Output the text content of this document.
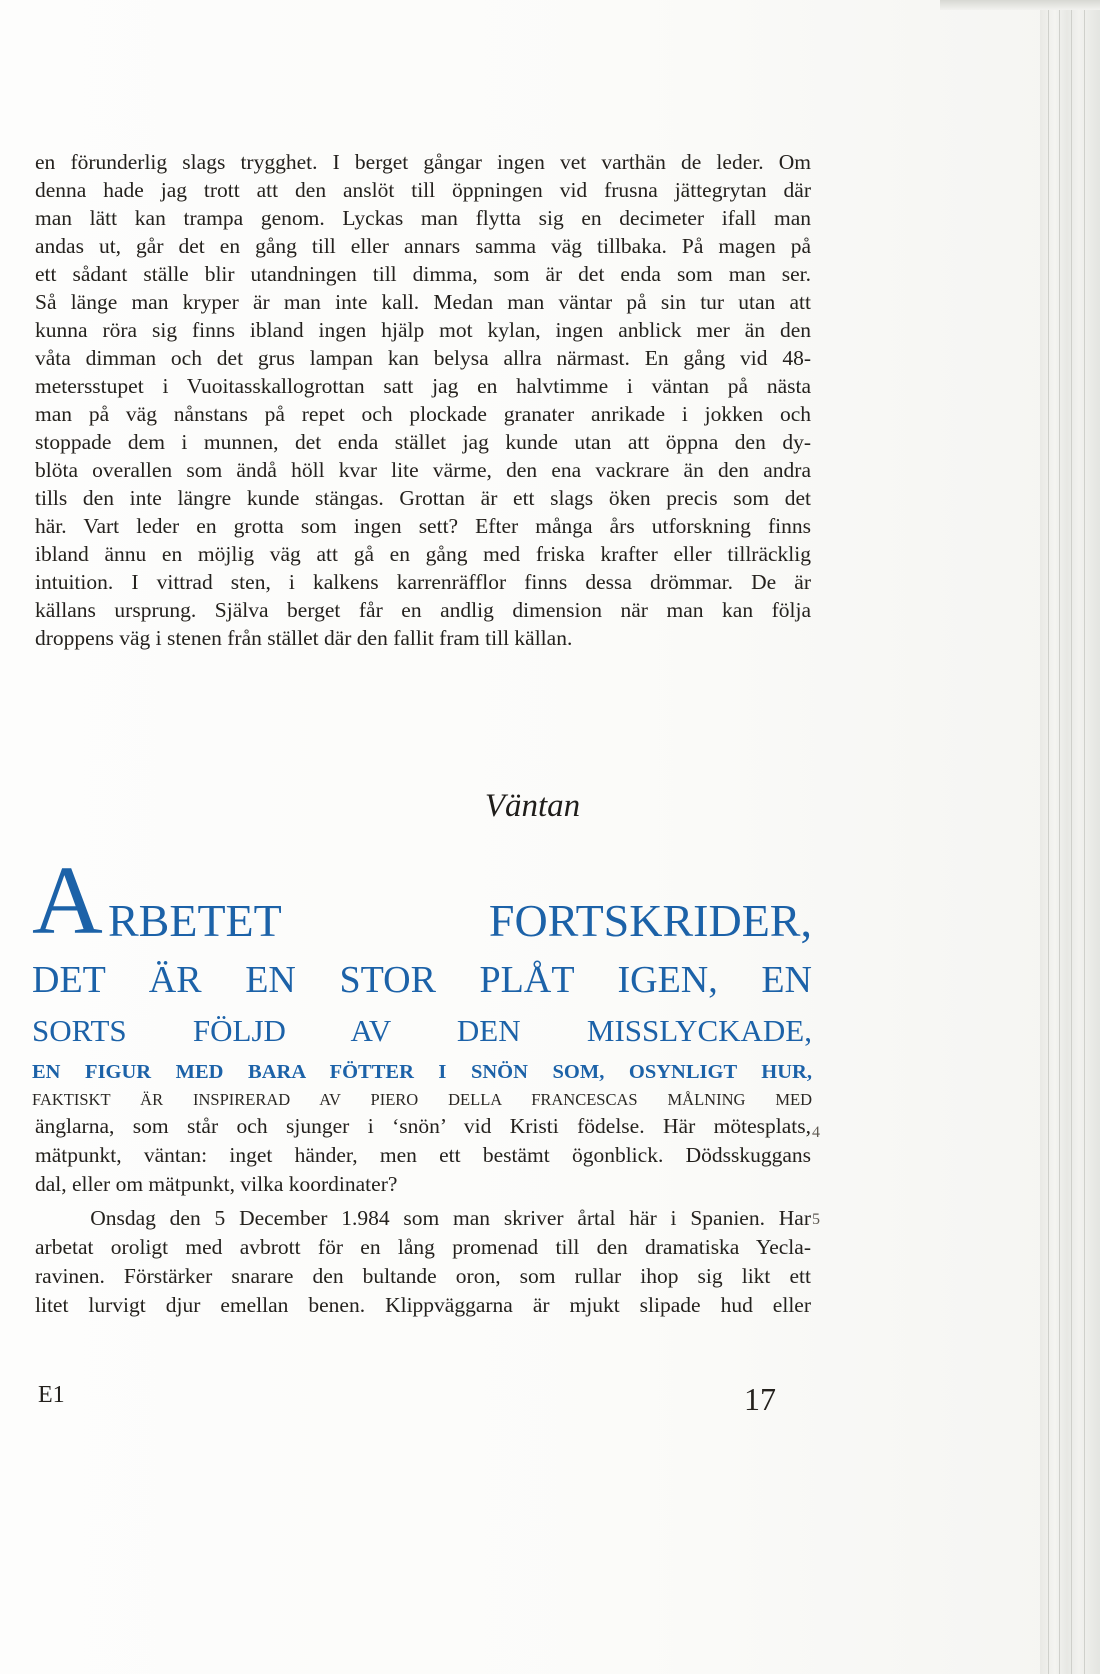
en förunderlig slags trygghet. I berget gångar ingen vet varthän de leder. Om
denna hade jag trott att den anslöt till öppningen vid frusna jättegrytan där
man lätt kan trampa genom. Lyckas man flytta sig en decimeter ifall man
andas ut, går det en gång till eller annars samma väg tillbaka. På magen på
ett sådant ställe blir utandningen till dimma, som är det enda som man ser.
Så länge man kryper är man inte kall. Medan man väntar på sin tur utan att
kunna röra sig finns ibland ingen hjälp mot kylan, ingen anblick mer än den
våta dimman och det grus lampan kan belysa allra närmast. En gång vid 48-
metersstupet i Vuoitasskallogrottan satt jag en halvtimme i väntan på nästa
man på väg nånstans på repet och plockade granater anrikade i jokken och
stoppade dem i munnen, det enda stället jag kunde utan att öppna den dy-
blöta overallen som ändå höll kvar lite värme, den ena vackrare än den andra
tills den inte längre kunde stängas. Grottan är ett slags öken precis som det
här. Vart leder en grotta som ingen sett? Efter många års utforskning finns
ibland ännu en möjlig väg att gå en gång med friska krafter eller tillräcklig
intuition. I vittrad sten, i kalkens karrenräfflor finns dessa drömmar. De är
källans ursprung. Själva berget får en andlig dimension när man kan följa
droppens väg i stenen från stället där den fallit fram till källan.
Väntan
A RBETET FORTSKRIDER,
DET ÄR EN STOR PLÅT IGEN, EN
SORTS FÖLJD AV DEN MISSLYCKADE,
EN FIGUR MED BARA FÖTTER I SNÖN SOM, OSYNLIGT HUR,
FAKTISKT ÄR INSPIRERAD AV PIERO DELLA FRANCESCAS MÅLNING MED
änglarna, som står och sjunger i ‘snön’ vid Kristi födelse. Här mötesplats,
mätpunkt, väntan: inget händer, men ett bestämt ögonblick. Dödsskuggans
dal, eller om mätpunkt, vilka koordinater?
Onsdag den 5 December 1.984 som man skriver årtal här i Spanien. Har
arbetat oroligt med avbrott för en lång promenad till den dramatiska Yecla-
ravinen. Förstärker snarare den bultande oron, som rullar ihop sig likt ett
litet lurvigt djur emellan benen. Klippväggarna är mjukt slipade hud eller
4
5
E1	17
